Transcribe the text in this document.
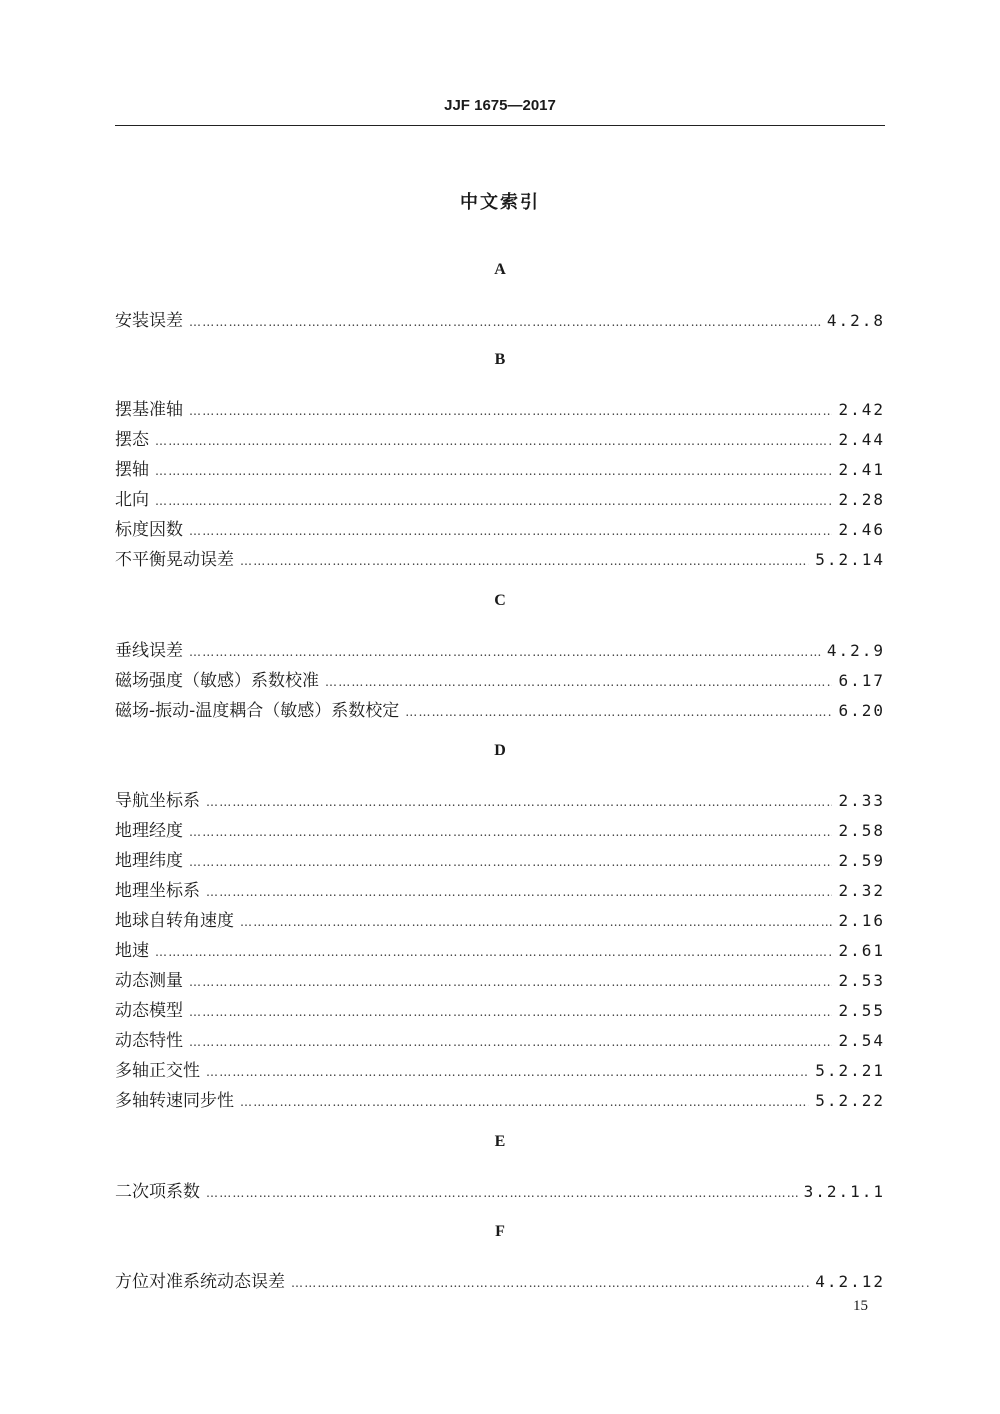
JJF 1675—2017
中文索引
A
安装误差 ……………………………………………………………………………………………………………………………………………………………………………………………………………………………………	4.2.8
B
摆基准轴 ……………………………………………………………………………………………………………………………………………………………………………………………………………………………………	2.42
摆态 ……………………………………………………………………………………………………………………………………………………………………………………………………………………………………	2.44
摆轴 ……………………………………………………………………………………………………………………………………………………………………………………………………………………………………	2.41
北向 ……………………………………………………………………………………………………………………………………………………………………………………………………………………………………	2.28
标度因数 ……………………………………………………………………………………………………………………………………………………………………………………………………………………………………	2.46
不平衡晃动误差 ……………………………………………………………………………………………………………………………………………………………………………………………………………………………………	5.2.14
C
垂线误差 ……………………………………………………………………………………………………………………………………………………………………………………………………………………………………	4.2.9
磁场强度（敏感）系数校准 ……………………………………………………………………………………………………………………………………………………………………………………………………………………………………	6.17
磁场-振动-温度耦合（敏感）系数校定 ……………………………………………………………………………………………………………………………………………………………………………………………………………………………………	6.20
D
导航坐标系 ……………………………………………………………………………………………………………………………………………………………………………………………………………………………………	2.33
地理经度 ……………………………………………………………………………………………………………………………………………………………………………………………………………………………………	2.58
地理纬度 ……………………………………………………………………………………………………………………………………………………………………………………………………………………………………	2.59
地理坐标系 ……………………………………………………………………………………………………………………………………………………………………………………………………………………………………	2.32
地球自转角速度 ……………………………………………………………………………………………………………………………………………………………………………………………………………………………………	2.16
地速 ……………………………………………………………………………………………………………………………………………………………………………………………………………………………………	2.61
动态测量 ……………………………………………………………………………………………………………………………………………………………………………………………………………………………………	2.53
动态模型 ……………………………………………………………………………………………………………………………………………………………………………………………………………………………………	2.55
动态特性 ……………………………………………………………………………………………………………………………………………………………………………………………………………………………………	2.54
多轴正交性 ……………………………………………………………………………………………………………………………………………………………………………………………………………………………………	5.2.21
多轴转速同步性 ……………………………………………………………………………………………………………………………………………………………………………………………………………………………………	5.2.22
E
二次项系数 ……………………………………………………………………………………………………………………………………………………………………………………………………………………………………	3.2.1.1
F
方位对准系统动态误差 ……………………………………………………………………………………………………………………………………………………………………………………………………………………………………	4.2.12
15
